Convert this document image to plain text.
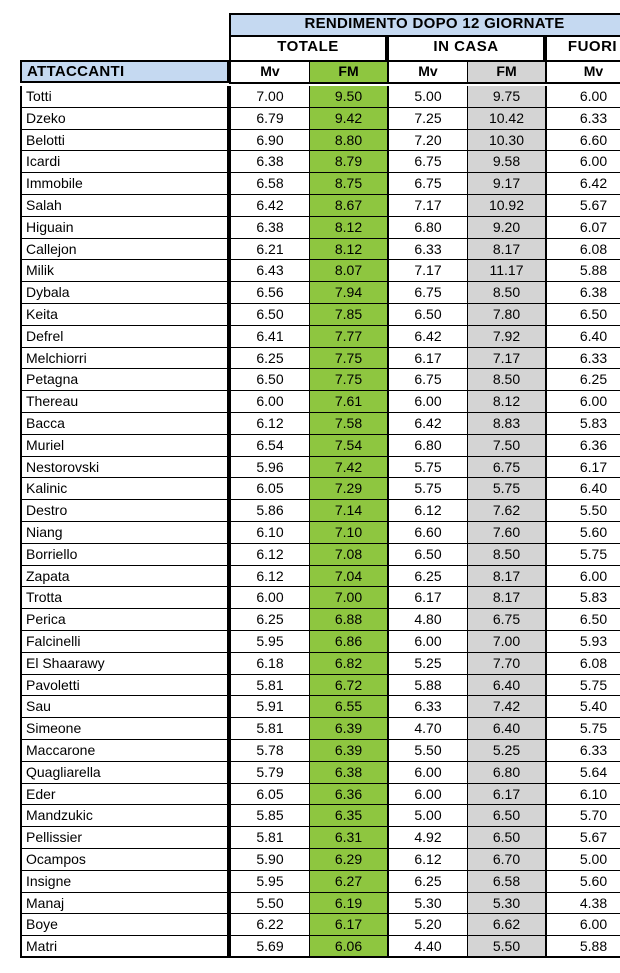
RENDIMENTO DOPO 12 GIORNATE
TOTALE	IN CASA	FUORI
ATTACCANTI	Mv	FM	Mv	FM	Mv
Totti	7.00	9.50	5.00	9.75	6.00
Dzeko	6.79	9.42	7.25	10.42	6.33
Belotti	6.90	8.80	7.20	10.30	6.60
Icardi	6.38	8.79	6.75	9.58	6.00
Immobile	6.58	8.75	6.75	9.17	6.42
Salah	6.42	8.67	7.17	10.92	5.67
Higuain	6.38	8.12	6.80	9.20	6.07
Callejon	6.21	8.12	6.33	8.17	6.08
Milik	6.43	8.07	7.17	11.17	5.88
Dybala	6.56	7.94	6.75	8.50	6.38
Keita	6.50	7.85	6.50	7.80	6.50
Defrel	6.41	7.77	6.42	7.92	6.40
Melchiorri	6.25	7.75	6.17	7.17	6.33
Petagna	6.50	7.75	6.75	8.50	6.25
Thereau	6.00	7.61	6.00	8.12	6.00
Bacca	6.12	7.58	6.42	8.83	5.83
Muriel	6.54	7.54	6.80	7.50	6.36
Nestorovski	5.96	7.42	5.75	6.75	6.17
Kalinic	6.05	7.29	5.75	5.75	6.40
Destro	5.86	7.14	6.12	7.62	5.50
Niang	6.10	7.10	6.60	7.60	5.60
Borriello	6.12	7.08	6.50	8.50	5.75
Zapata	6.12	7.04	6.25	8.17	6.00
Trotta	6.00	7.00	6.17	8.17	5.83
Perica	6.25	6.88	4.80	6.75	6.50
Falcinelli	5.95	6.86	6.00	7.00	5.93
El Shaarawy	6.18	6.82	5.25	7.70	6.08
Pavoletti	5.81	6.72	5.88	6.40	5.75
Sau	5.91	6.55	6.33	7.42	5.40
Simeone	5.81	6.39	4.70	6.40	5.75
Maccarone	5.78	6.39	5.50	5.25	6.33
Quagliarella	5.79	6.38	6.00	6.80	5.64
Eder	6.05	6.36	6.00	6.17	6.10
Mandzukic	5.85	6.35	5.00	6.50	5.70
Pellissier	5.81	6.31	4.92	6.50	5.67
Ocampos	5.90	6.29	6.12	6.70	5.00
Insigne	5.95	6.27	6.25	6.58	5.60
Manaj	5.50	6.19	5.30	5.30	4.38
Boye	6.22	6.17	5.20	6.62	6.00
Matri	5.69	6.06	4.40	5.50	5.88
